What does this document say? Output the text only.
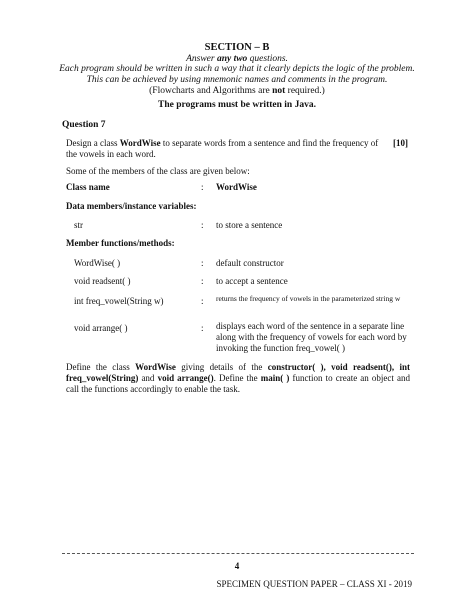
SECTION – B
Answer any two questions.
Each program should be written in such a way that it clearly depicts the logic of the problem.
This can be achieved by using mnemonic names and comments in the program.
(Flowcharts and Algorithms are not required.)
The programs must be written in Java.
Question 7
Design a class WordWise to separate words from a sentence and find the frequency of the vowels in each word.
[10]
Some of the members of the class are given below:
Class name	: WordWise
Data members/instance variables:
str	: to store a sentence
Member functions/methods:
WordWise( )	: default constructor
void readsent( )	: to accept a sentence
int freq_vowel(String w)	: returns the frequency of vowels in the parameterized string w
void arrange( )	: displays each word of the sentence in a separate line along with the frequency of vowels for each word by invoking the function freq_vowel( )
Define the class WordWise giving details of the constructor( ), void readsent(), int freq_vowel(String) and void arrange(). Define the main( ) function to create an object and call the functions accordingly to enable the task.
4
SPECIMEN QUESTION PAPER – CLASS XI - 2019
